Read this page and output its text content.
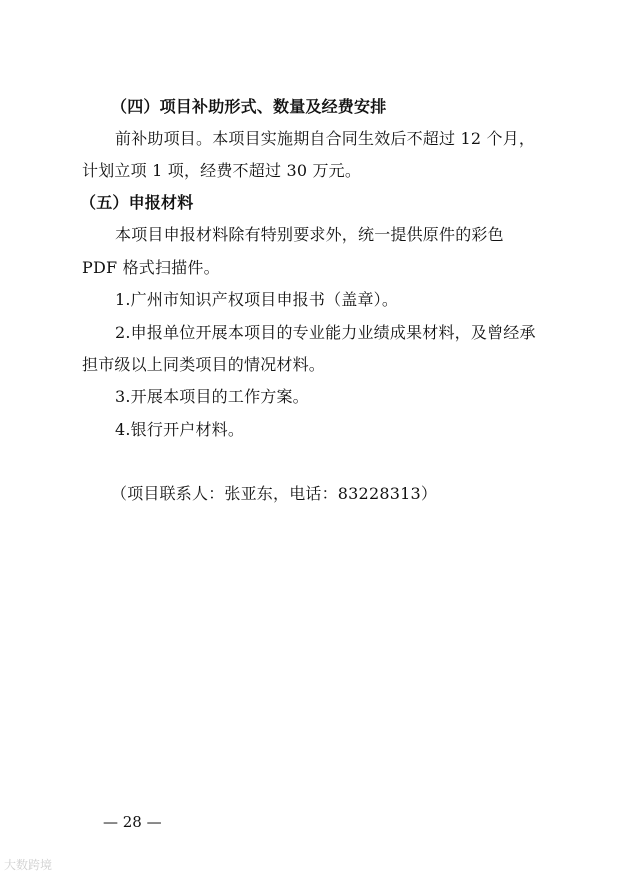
（四）项目补助形式、数量及经费安排
前补助项目。本项目实施期自合同生效后不超过 12 个月，
计划立项 1 项，经费不超过 30 万元。
（五）申报材料
本项目申报材料除有特别要求外，统一提供原件的彩色
PDF 格式扫描件。
1.广州市知识产权项目申报书（盖章）。
2.申报单位开展本项目的专业能力业绩成果材料，及曾经承
担市级以上同类项目的情况材料。
3.开展本项目的工作方案。
4.银行开户材料。
（项目联系人：张亚东，电话：83228313）
— 28 —
大数跨境
